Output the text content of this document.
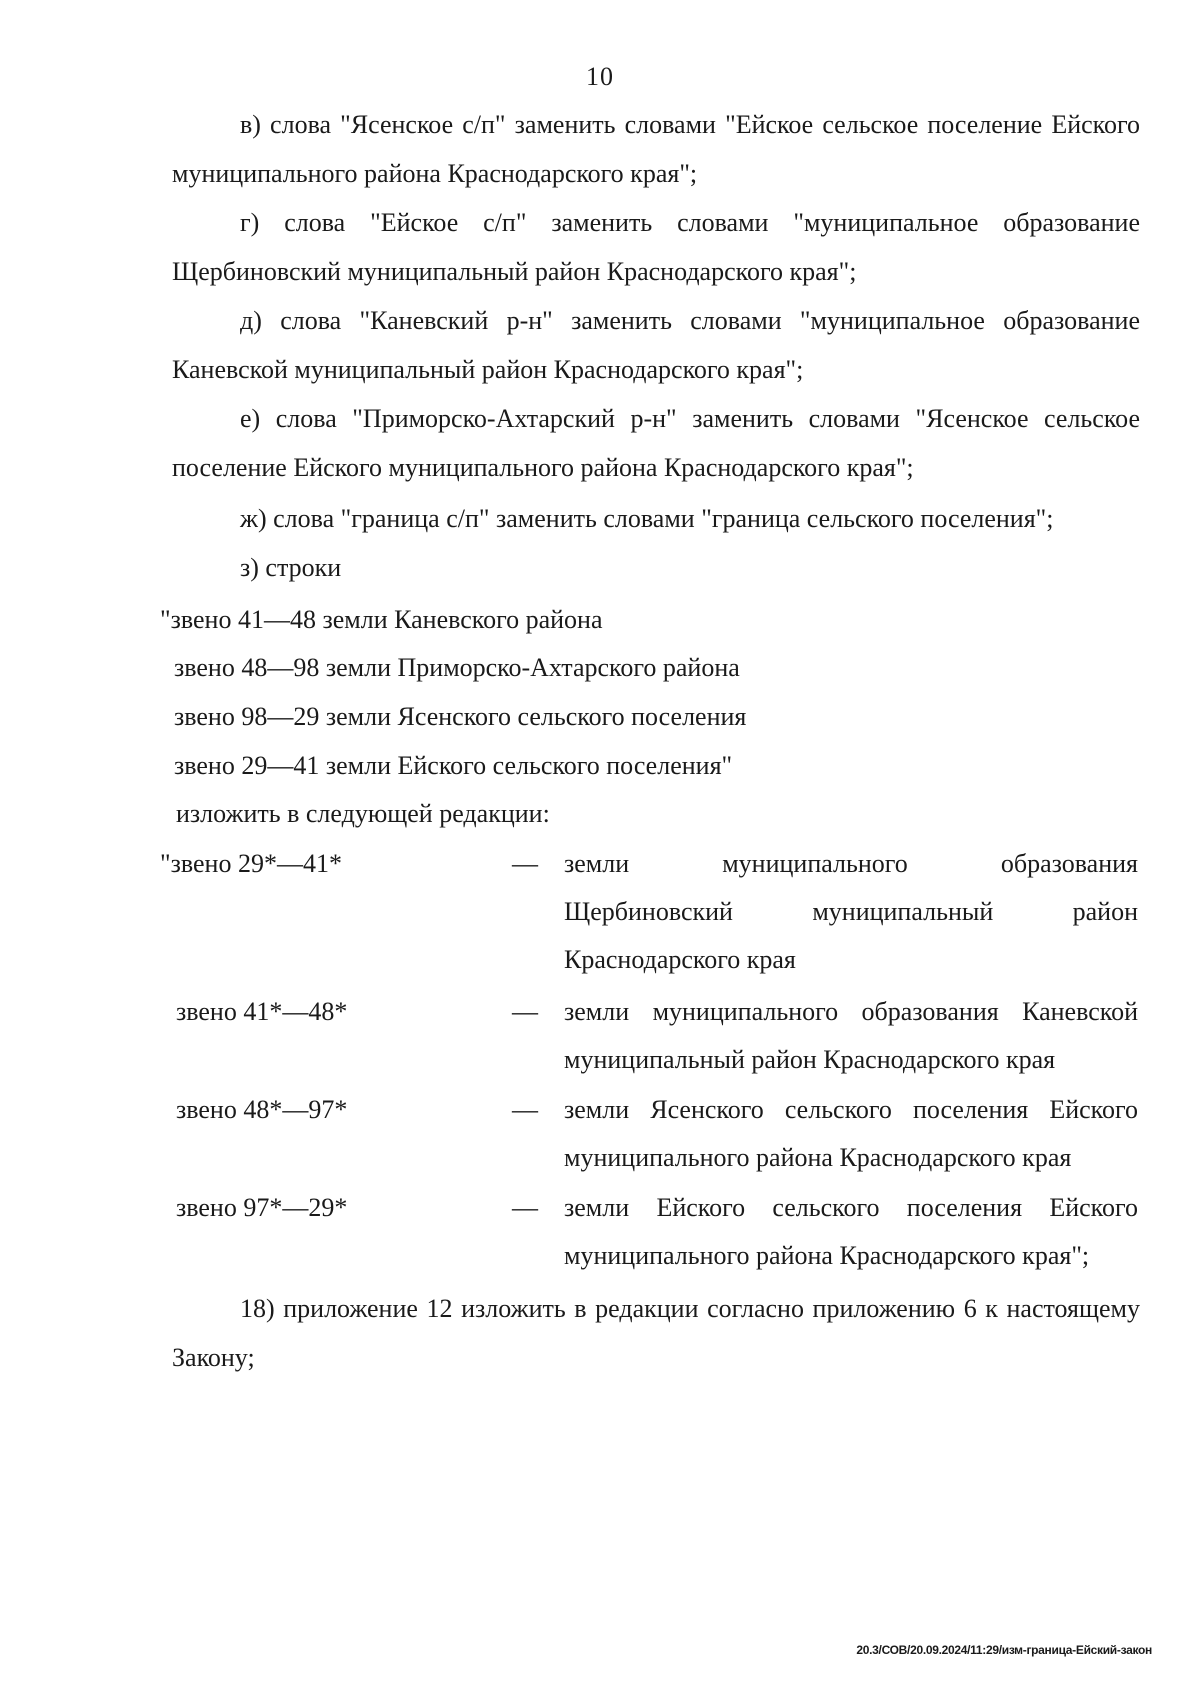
10

в) слова "Ясенское с/п" заменить словами "Ейское сельское поселение Ейского муниципального района Краснодарского края";

г) слова "Ейское с/п" заменить словами "муниципальное образование Щербиновский муниципальный район Краснодарского края";

д) слова "Каневский р-н" заменить словами "муниципальное образование Каневской муниципальный район Краснодарского края";

е) слова "Приморско-Ахтарский р-н" заменить словами "Ясенское сельское поселение Ейского муниципального района Краснодарского края";

ж) слова "граница с/п" заменить словами "граница сельского поселения";

з) строки

"звено 41—48 земли Каневского района
звено 48—98 земли Приморско-Ахтарского района
звено 98—29 земли Ясенского сельского поселения
звено 29—41 земли Ейского сельского поселения"
изложить в следующей редакции:
"звено 29*—41*	— земли муниципального образования Щербиновский муниципальный район Краснодарского края

звено 41*—48*	— земли муниципального образования Каневской муниципальный район Краснодарского края

звено 48*—97*	— земли Ясенского сельского поселения Ейского муниципального района Краснодарского края

звено 97*—29*	— земли Ейского сельского поселения Ейского муниципального района Краснодарского края";

18) приложение 12 изложить в редакции согласно приложению 6 к настоящему Закону;

20.3/СОВ/20.09.2024/11:29/изм-граница-Ейский-закон
